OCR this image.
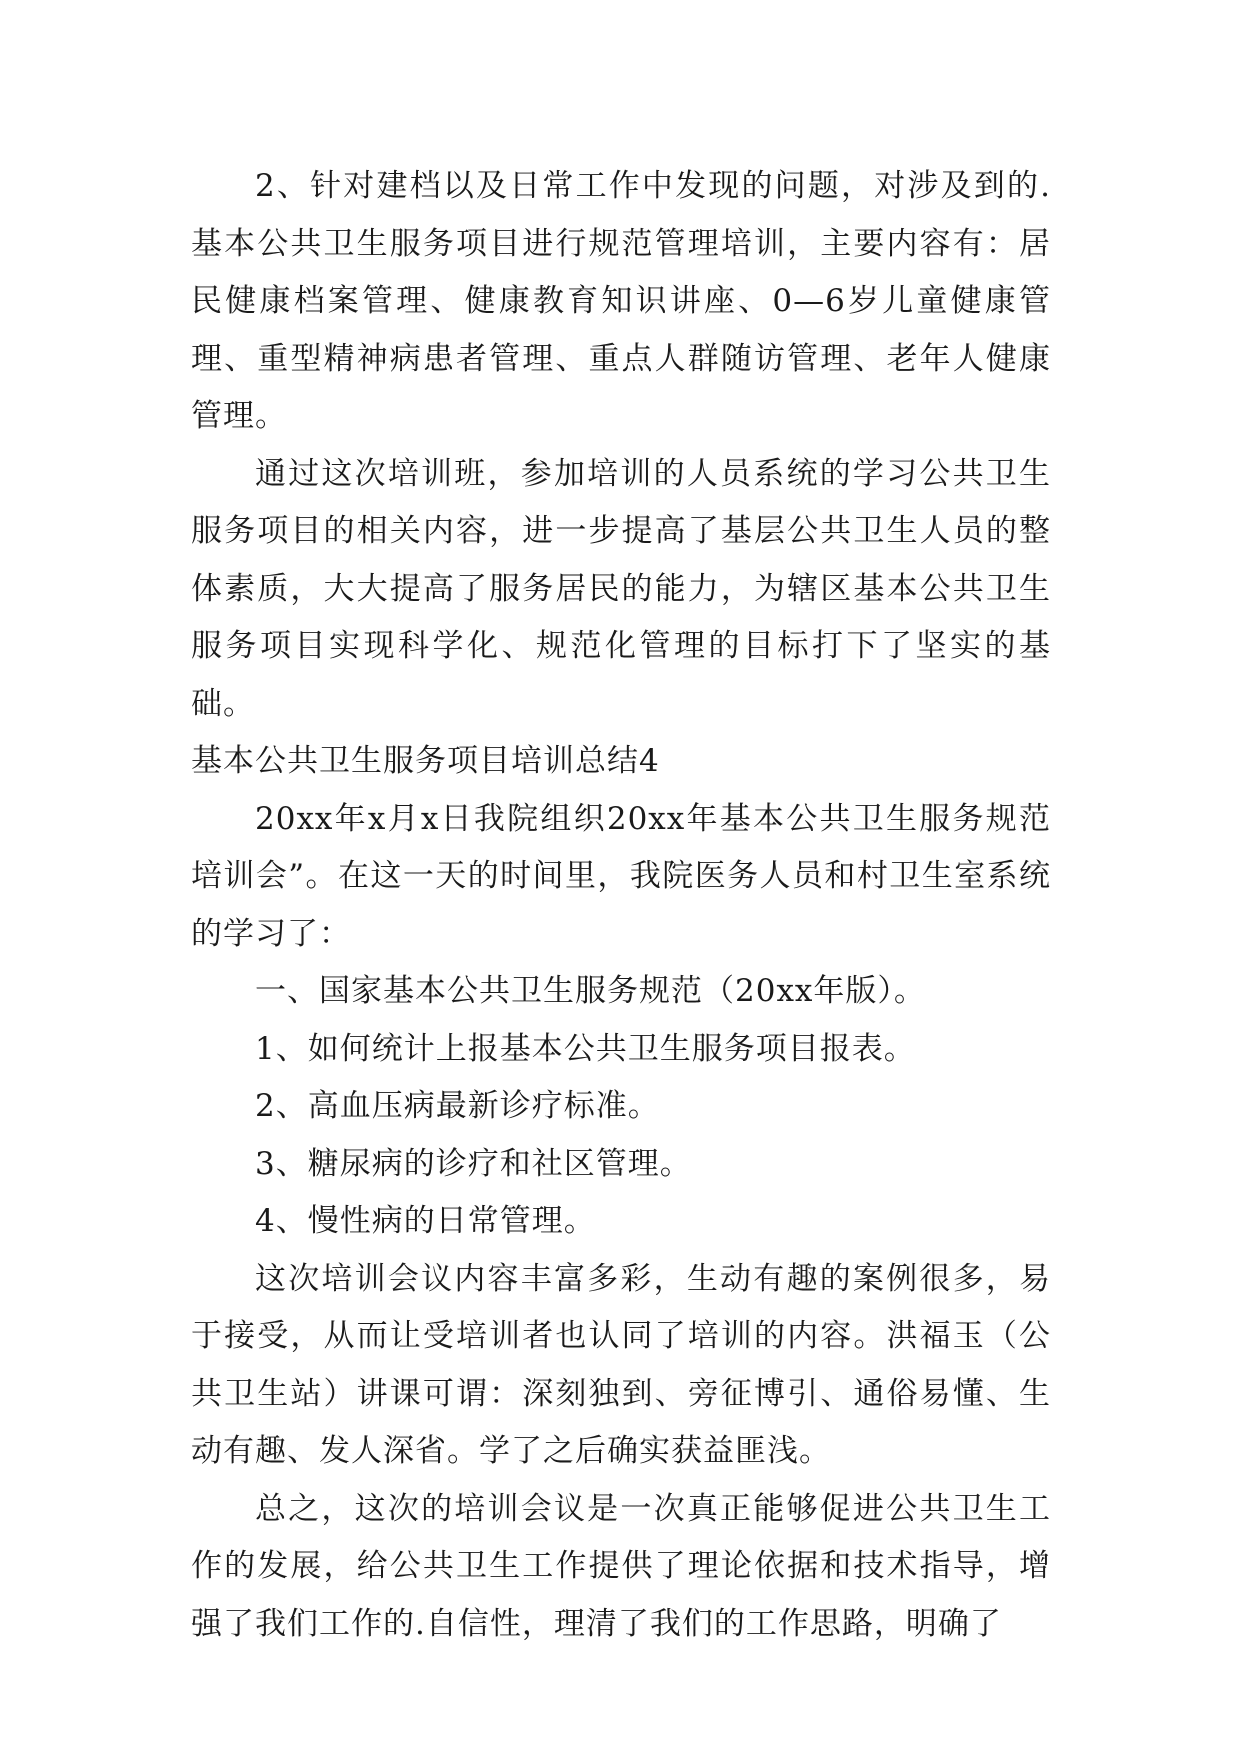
2、针对建档以及日常工作中发现的问题，对涉及到的.基本公共卫生服务项目进行规范管理培训，主要内容有：居民健康档案管理、健康教育知识讲座、0—6岁儿童健康管理、重型精神病患者管理、重点人群随访管理、老年人健康管理。

通过这次培训班，参加培训的人员系统的学习公共卫生服务项目的相关内容，进一步提高了基层公共卫生人员的整体素质，大大提高了服务居民的能力，为辖区基本公共卫生服务项目实现科学化、规范化管理的目标打下了坚实的基础。

基本公共卫生服务项目培训总结4

20xx年x月x日我院组织20xx年基本公共卫生服务规范培训会”。在这一天的时间里，我院医务人员和村卫生室系统的学习了：

一、国家基本公共卫生服务规范（20xx年版）。

1、如何统计上报基本公共卫生服务项目报表。

2、高血压病最新诊疗标准。

3、糖尿病的诊疗和社区管理。

4、慢性病的日常管理。

这次培训会议内容丰富多彩，生动有趣的案例很多，易于接受，从而让受培训者也认同了培训的内容。洪福玉（公共卫生站）讲课可谓：深刻独到、旁征博引、通俗易懂、生动有趣、发人深省。学了之后确实获益匪浅。

总之，这次的培训会议是一次真正能够促进公共卫生工作的发展，给公共卫生工作提供了理论依据和技术指导，增强了我们工作的.自信性，理清了我们的工作思路，明确了
